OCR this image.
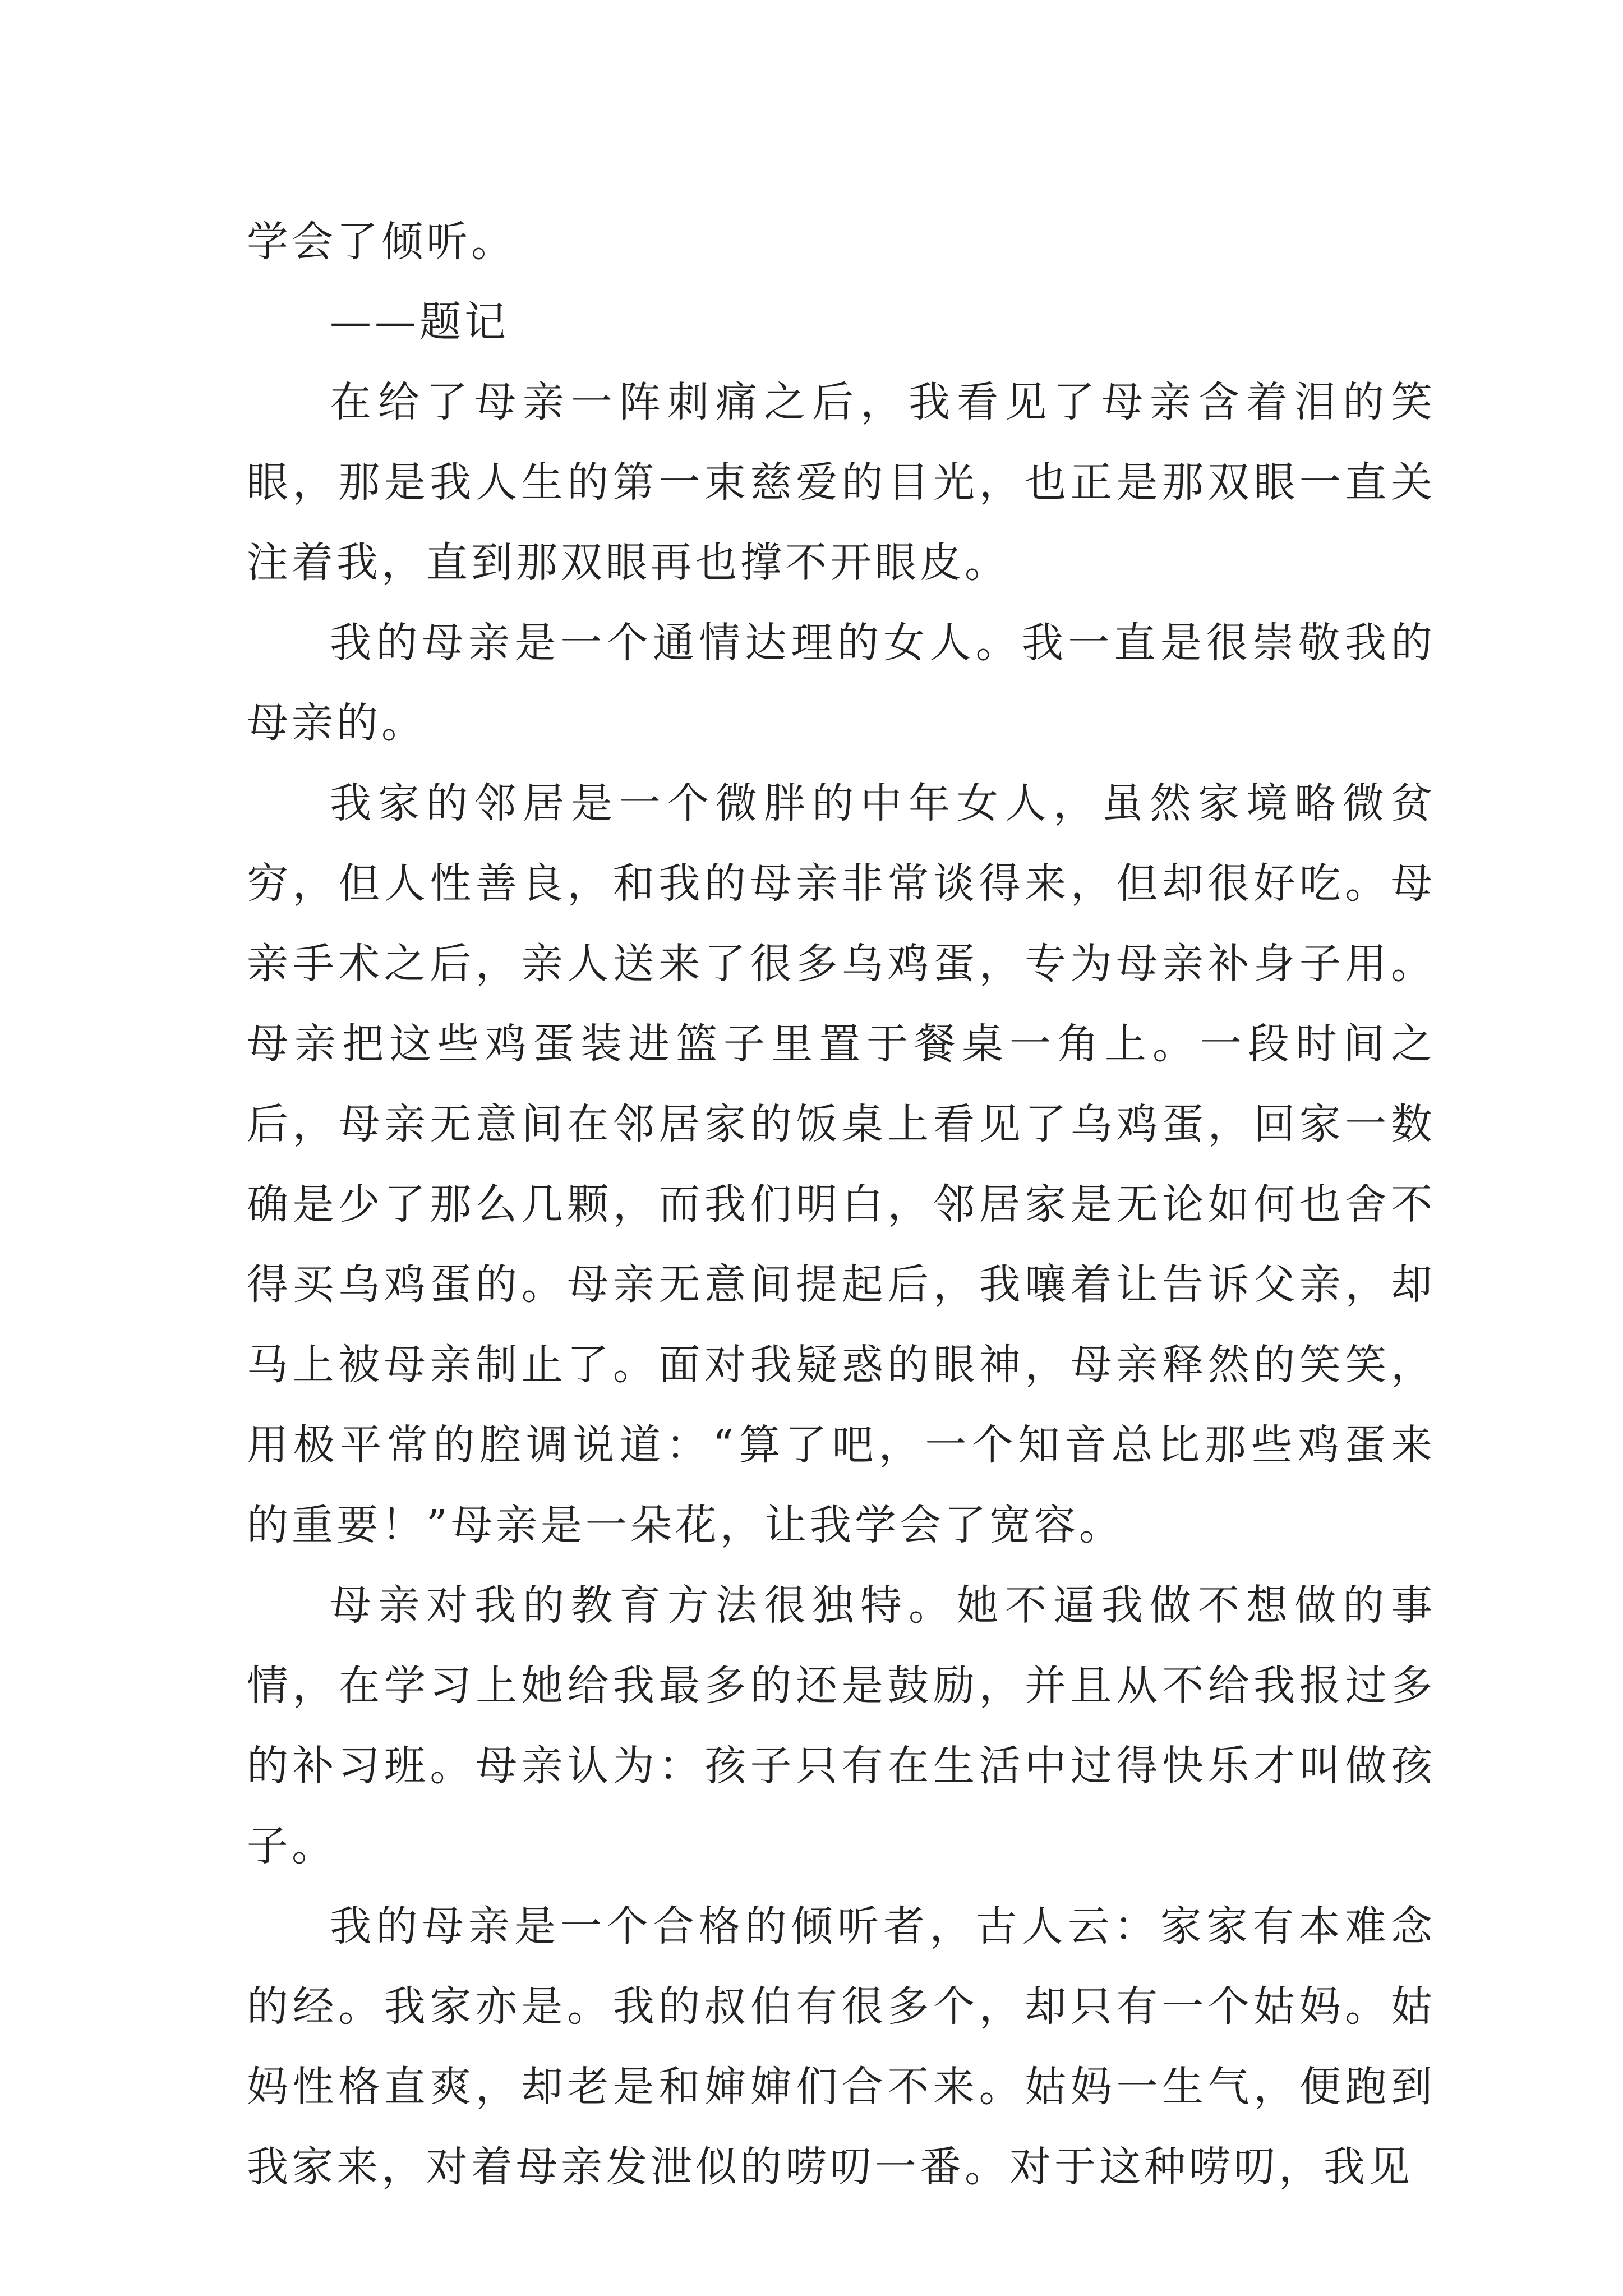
学会了倾听。

——题记

在给了母亲一阵刺痛之后，我看见了母亲含着泪的笑眼，那是我人生的第一束慈爱的目光，也正是那双眼一直关注着我，直到那双眼再也撑不开眼皮。

我的母亲是一个通情达理的女人。我一直是很崇敬我的母亲的。

我家的邻居是一个微胖的中年女人，虽然家境略微贫穷，但人性善良，和我的母亲非常谈得来，但却很好吃。母亲手术之后，亲人送来了很多乌鸡蛋，专为母亲补身子用。母亲把这些鸡蛋装进篮子里置于餐桌一角上。一段时间之后，母亲无意间在邻居家的饭桌上看见了乌鸡蛋，回家一数确是少了那么几颗，而我们明白，邻居家是无论如何也舍不得买乌鸡蛋的。母亲无意间提起后，我嚷着让告诉父亲，却马上被母亲制止了。面对我疑惑的眼神，母亲释然的笑笑，用极平常的腔调说道：“算了吧，一个知音总比那些鸡蛋来的重要！”母亲是一朵花，让我学会了宽容。

母亲对我的教育方法很独特。她不逼我做不想做的事情，在学习上她给我最多的还是鼓励，并且从不给我报过多的补习班。母亲认为：孩子只有在生活中过得快乐才叫做孩子。

我的母亲是一个合格的倾听者，古人云：家家有本难念的经。我家亦是。我的叔伯有很多个，却只有一个姑妈。姑妈性格直爽，却老是和婶婶们合不来。姑妈一生气，便跑到我家来，对着母亲发泄似的唠叨一番。对于这种唠叨，我见
